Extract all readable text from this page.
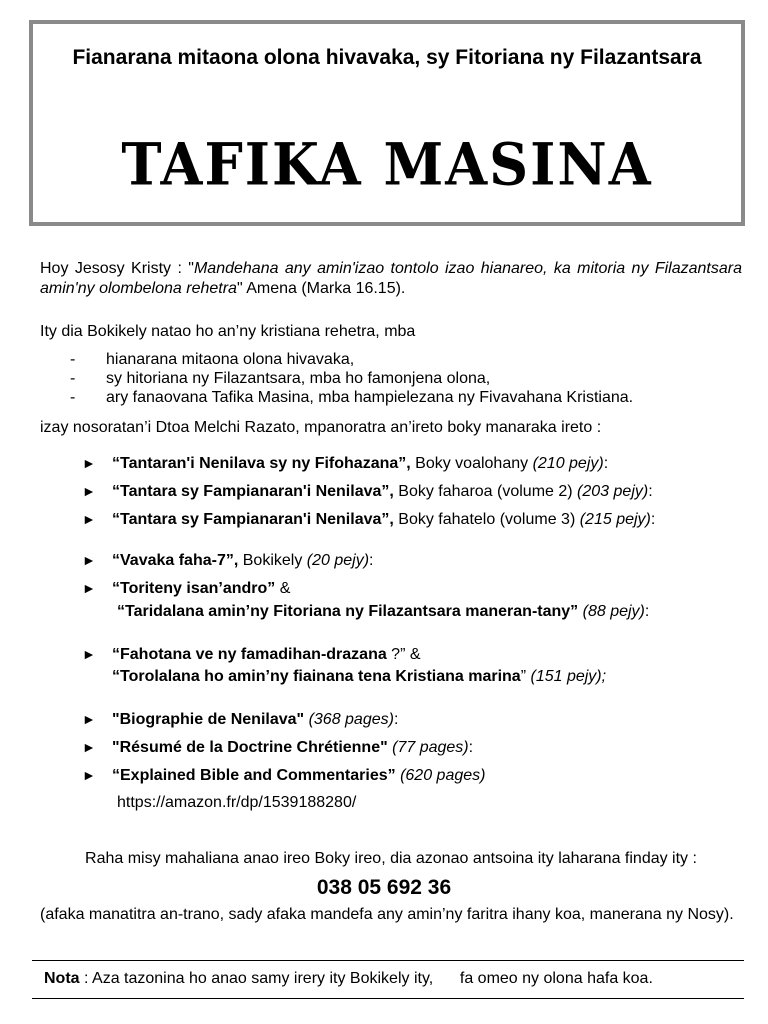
Fianarana mitaona olona hivavaka, sy Fitoriana ny Filazantsara
TAFIKA MASINA
Hoy Jesosy Kristy : "Mandehana any amin'izao tontolo izao hianareo, ka mitoria ny Filazantsara amin'ny olombelona rehetra" Amena (Marka 16.15).
Ity dia Bokikely natao ho an’ny kristiana rehetra, mba
- hianarana mitaona olona hivavaka,
- sy hitoriana ny Filazantsara, mba ho famonjena olona,
- ary fanaovana Tafika Masina, mba hampielezana ny Fivavahana Kristiana.
izay nosoratan’i Dtoa Melchi Razato, mpanoratra an’ireto boky manaraka ireto :
► “Tantaran'i Nenilava sy ny Fifohazana”, Boky voalohany (210 pejy):
► “Tantara sy Fampianaran'i Nenilava”, Boky faharoa (volume 2) (203 pejy):
► “Tantara sy Fampianaran'i Nenilava”, Boky fahatelo (volume 3) (215 pejy):
► “Vavaka faha-7”, Bokikely (20 pejy):
► “Toriteny isan’andro” &
“Taridalana amin’ny Fitoriana ny Filazantsara maneran-tany” (88 pejy):
► “Fahotana ve ny famadihan-drazana ?” &
“Torolalana ho amin’ny fiainana tena Kristiana marina” (151 pejy);
► "Biographie de Nenilava" (368 pages):
► "Résumé de la Doctrine Chrétienne" (77 pages):
► “Explained Bible and Commentaries” (620 pages)
https://amazon.fr/dp/1539188280/
Raha misy mahaliana anao ireo Boky ireo, dia azonao antsoina ity laharana finday ity :
038 05 692 36
(afaka manatitra an-trano, sady afaka mandefa any amin’ny faritra ihany koa, manerana ny Nosy).
Nota : Aza tazonina ho anao samy irery ity Bokikely ity,      fa omeo ny olona hafa koa.
